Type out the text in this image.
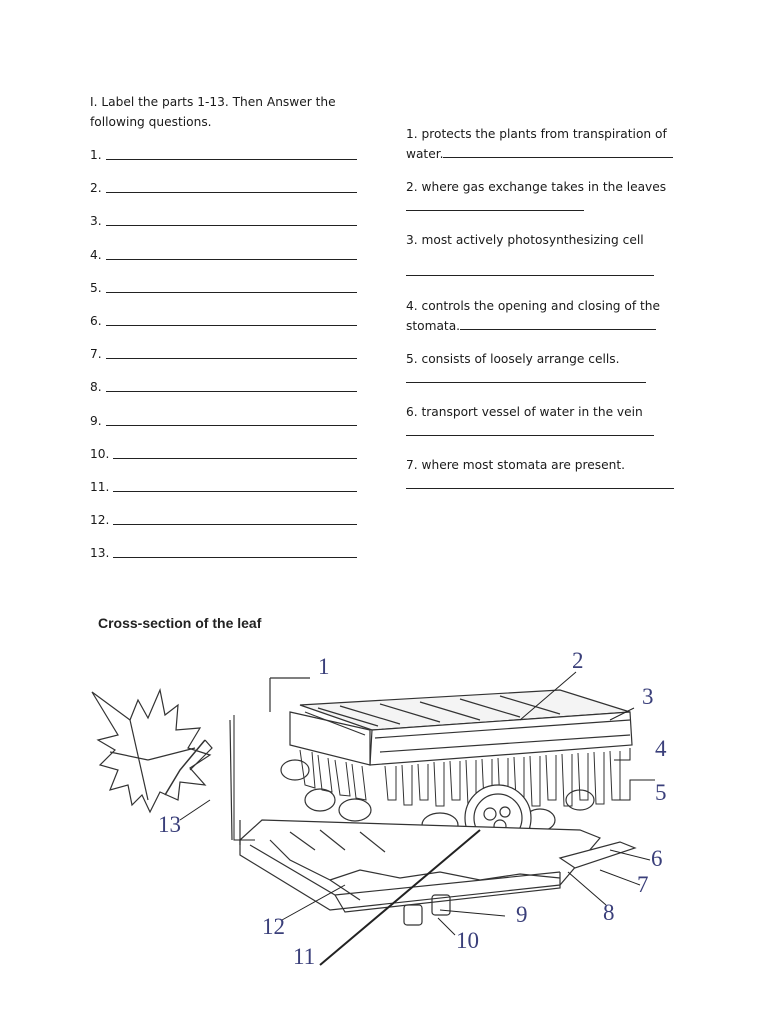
I. Label the parts 1-13. Then Answer the following questions.
1.
2.
3.
4.
5.
6.
7.
8.
9.
10.
11.
12.
13.
1. protects the plants from transpiration of water.
2. where gas exchange takes in the leaves
3. most actively photosynthesizing cell
4. controls the opening and closing of the stomata.
5. consists of loosely arrange cells.
6. transport vessel of water in the vein
7. where most stomata are present.
Cross-section of the leaf
1	2
3
4
5
6
7
8
9
10
11
12
13
